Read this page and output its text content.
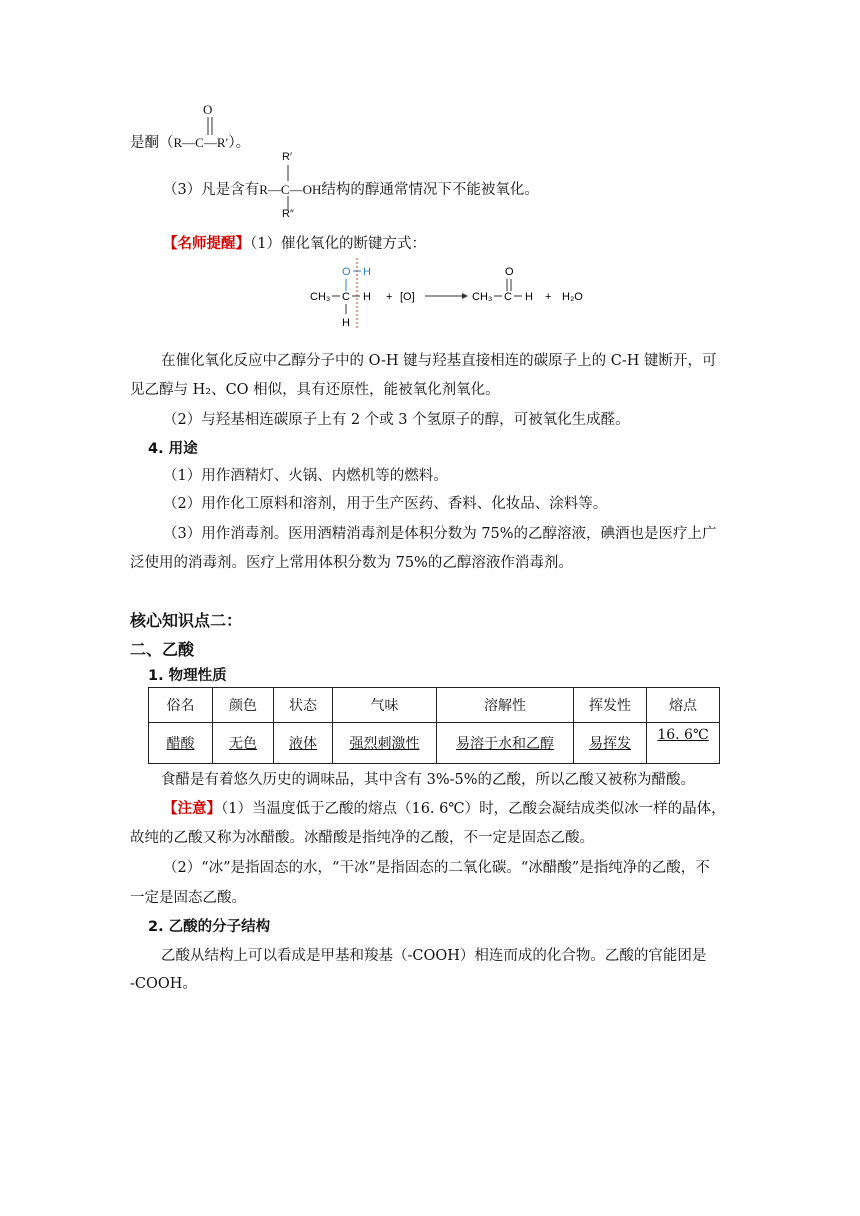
O
是酮（R—C—R′）。
R′
（3）凡是含有R—C—OH结构的醇通常情况下不能被氧化。
R″
【名师提醒】（1）催化氧化的断键方式：
O H
CH₃ C H
H
+ [O]
O
CH₃ C H + H₂O
在催化氧化反应中乙醇分子中的 O-H 键与羟基直接相连的碳原子上的 C-H 键断开，可
见乙醇与 H₂、CO 相似，具有还原性，能被氧化剂氧化。
（2）与羟基相连碳原子上有 2 个或 3 个氢原子的醇，可被氧化生成醛。
4. 用途
（1）用作酒精灯、火锅、内燃机等的燃料。
（2）用作化工原料和溶剂，用于生产医药、香料、化妆品、涂料等。
（3）用作消毒剂。医用酒精消毒剂是体积分数为 75%的乙醇溶液，碘酒也是医疗上广
泛使用的消毒剂。医疗上常用体积分数为 75%的乙醇溶液作消毒剂。
核心知识点二：
二、乙酸
1. 物理性质
俗名	颜色	状态	气味	溶解性	挥发性	熔点
醋酸	无色	液体	强烈刺激性	易溶于水和乙醇	易挥发	16. 6℃
食醋是有着悠久历史的调味品，其中含有 3%-5%的乙酸，所以乙酸又被称为醋酸。
【注意】（1）当温度低于乙酸的熔点（16. 6℃）时，乙酸会凝结成类似冰一样的晶体，
故纯的乙酸又称为冰醋酸。冰醋酸是指纯净的乙酸，不一定是固态乙酸。
（2）“冰”是指固态的水，“干冰”是指固态的二氧化碳。“冰醋酸”是指纯净的乙酸，不
一定是固态乙酸。
2. 乙酸的分子结构
乙酸从结构上可以看成是甲基和羧基（-COOH）相连而成的化合物。乙酸的官能团是
-COOH。
